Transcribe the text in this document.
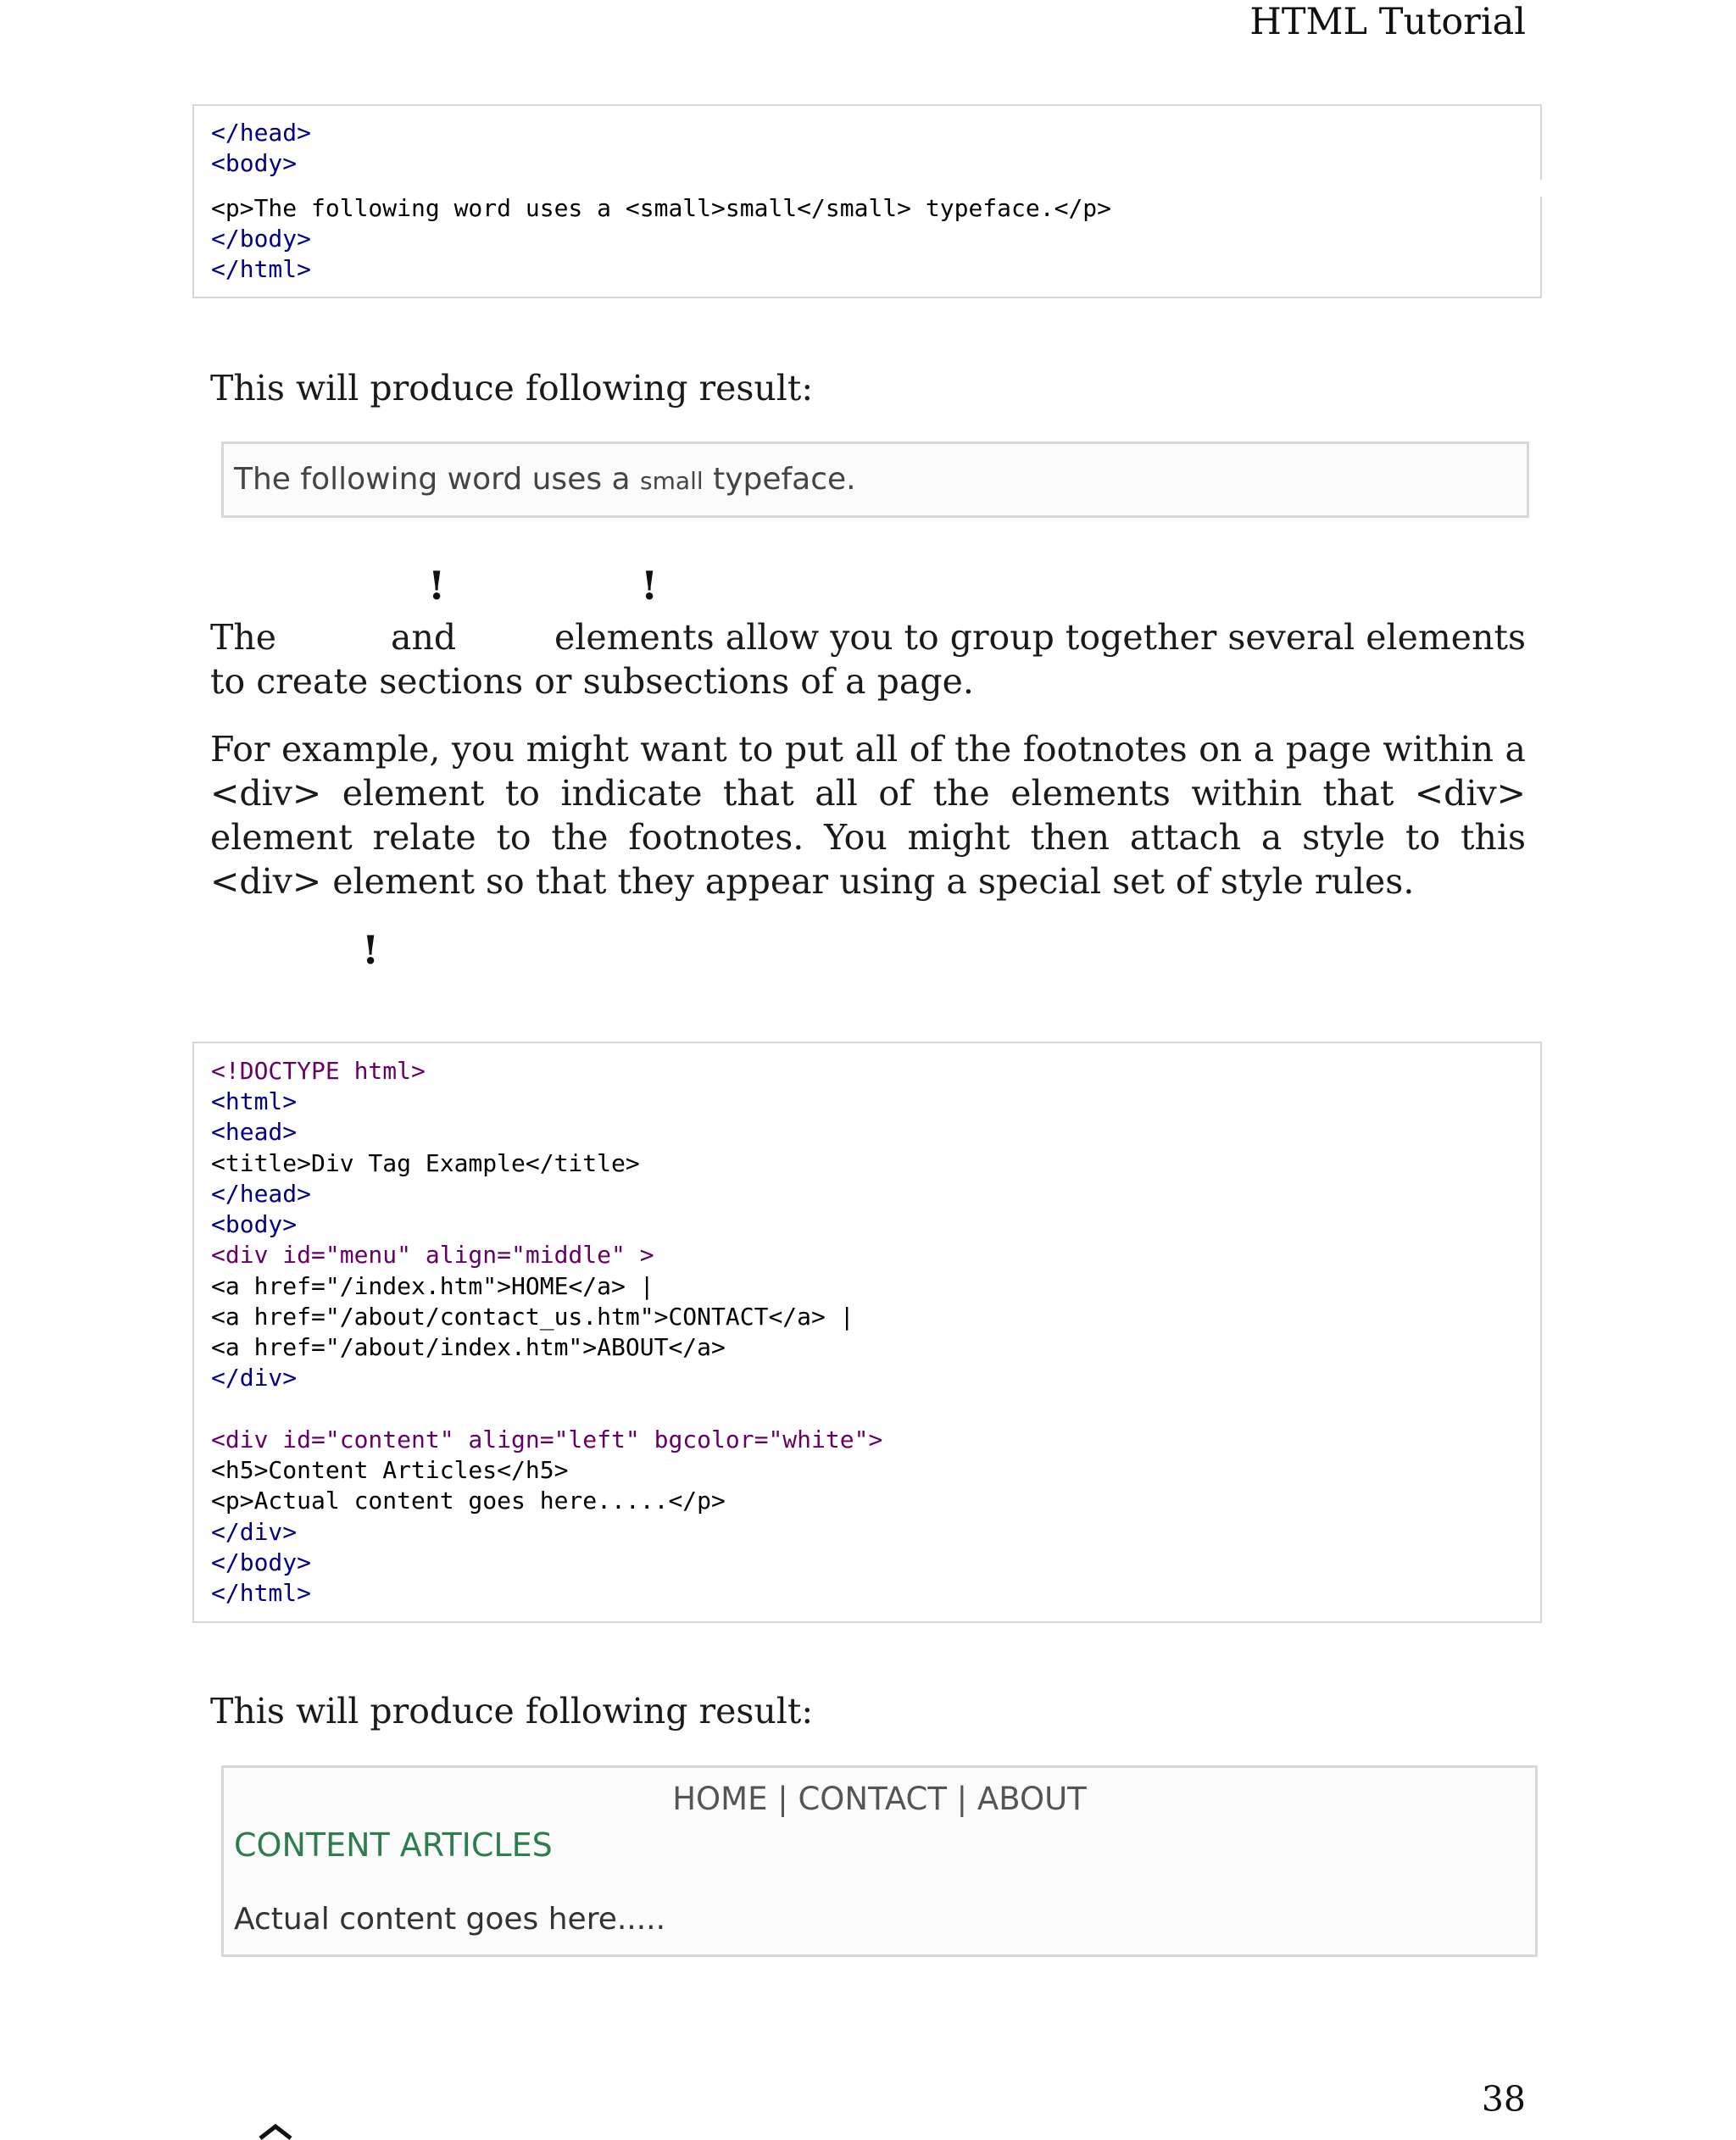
HTML Tutorial
</head>
<body>
<p>The following word uses a <small>small</small> typeface.</p>
</body>
</html>
This will produce following result:
The following word uses a small typeface.
!	!
The	and	elements allow you to group together several elements
to create sections or subsections of a page.
For example, you might want to put all of the footnotes on a page within a <div> element to indicate that all of the elements within that <div> element relate to the footnotes. You might then attach a style to this <div> element so that they appear using a special set of style rules.
!
<!DOCTYPE html>
<html>
<head>
<title>Div Tag Example</title>
</head>
<body>
<div id="menu" align="middle" >
<a href="/index.htm">HOME</a> |
<a href="/about/contact_us.htm">CONTACT</a> |
<a href="/about/index.htm">ABOUT</a>
</div>
<div id="content" align="left" bgcolor="white">
<h5>Content Articles</h5>
<p>Actual content goes here.....</p>
</div>
</body>
</html>
This will produce following result:
HOME | CONTACT | ABOUT
CONTENT ARTICLES
Actual content goes here.....
38
